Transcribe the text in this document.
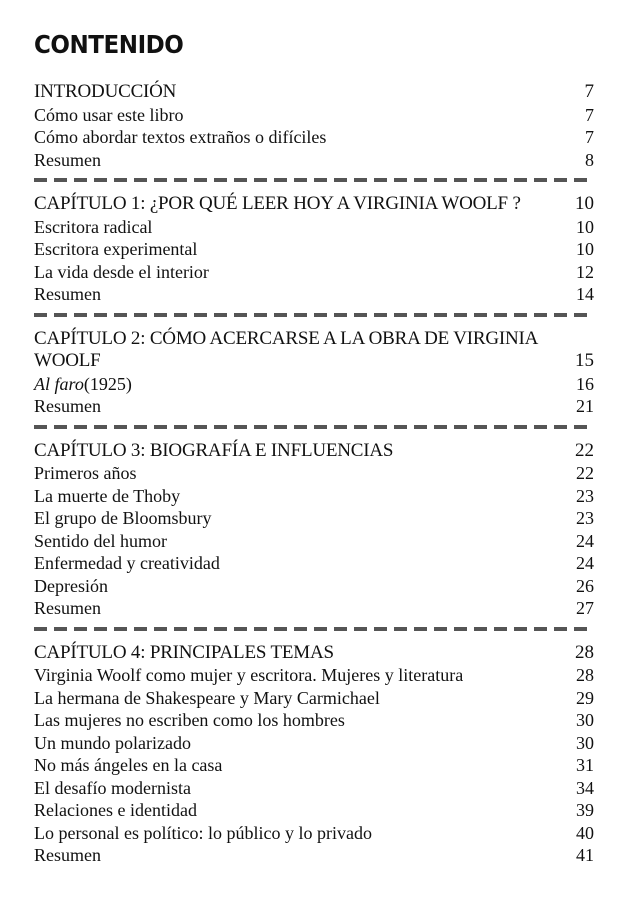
CONTENIDO
INTRODUCCIÓN	7
Cómo usar este libro	7
Cómo abordar textos extraños o difíciles	7
Resumen	8
CAPÍTULO 1: ¿POR QUÉ LEER HOY A VIRGINIA WOOLF ?	10
Escritora radical	10
Escritora experimental	10
La vida desde el interior	12
Resumen	14
CAPÍTULO 2: CÓMO ACERCARSE A LA OBRA DE VIRGINIA WOOLF	15
Al faro(1925)	16
Resumen	21
CAPÍTULO 3: BIOGRAFÍA E INFLUENCIAS	22
Primeros años	22
La muerte de Thoby	23
El grupo de Bloomsbury	23
Sentido del humor	24
Enfermedad y creatividad	24
Depresión	26
Resumen	27
CAPÍTULO 4: PRINCIPALES TEMAS	28
Virginia Woolf como mujer y escritora. Mujeres y literatura	28
La hermana de Shakespeare y Mary Carmichael	29
Las mujeres no escriben como los hombres	30
Un mundo polarizado	30
No más ángeles en la casa	31
El desafío modernista	34
Relaciones e identidad	39
Lo personal es político: lo público y lo privado	40
Resumen	41
